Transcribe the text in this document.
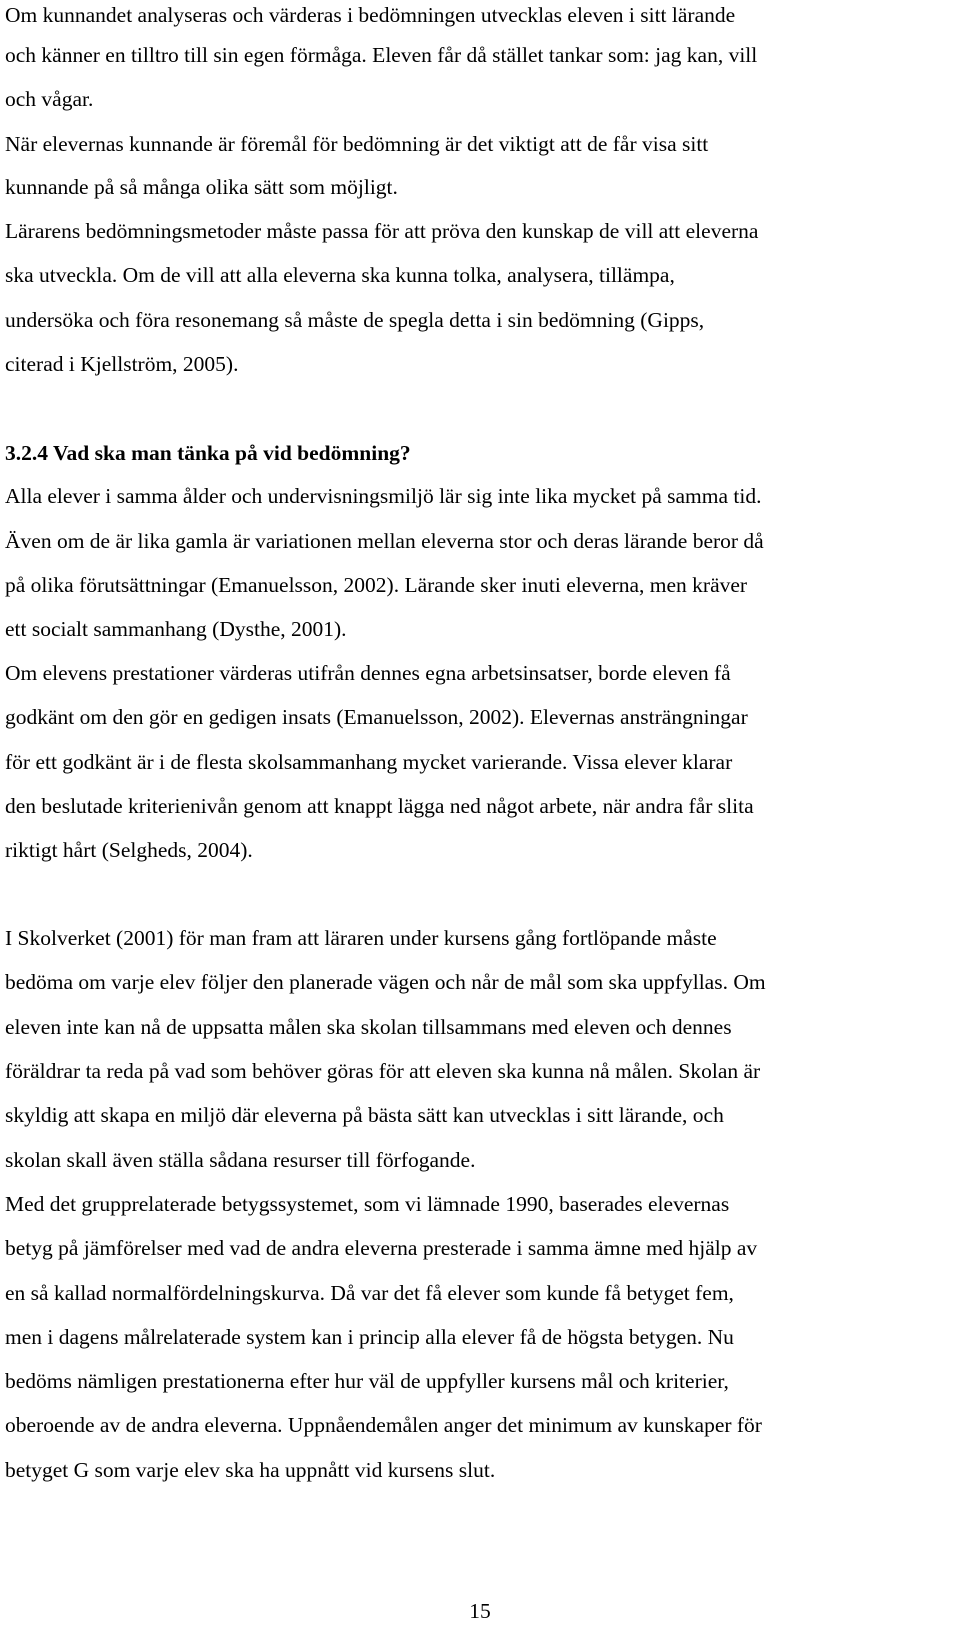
Om kunnandet analyseras och värderas i bedömningen utvecklas eleven i sitt lärande
och känner en tilltro till sin egen förmåga. Eleven får då stället tankar som: jag kan, vill
och vågar.
När elevernas kunnande är föremål för bedömning är det viktigt att de får visa sitt
kunnande på så många olika sätt som möjligt.
Lärarens bedömningsmetoder måste passa för att pröva den kunskap de vill att eleverna
ska utveckla. Om de vill att alla eleverna ska kunna tolka, analysera, tillämpa,
undersöka och föra resonemang så måste de spegla detta i sin bedömning (Gipps,
citerad i Kjellström, 2005).
3.2.4 Vad ska man tänka på vid bedömning?
Alla elever i samma ålder och undervisningsmiljö lär sig inte lika mycket på samma tid.
Även om de är lika gamla är variationen mellan eleverna stor och deras lärande beror då
på olika förutsättningar (Emanuelsson, 2002). Lärande sker inuti eleverna, men kräver
ett socialt sammanhang (Dysthe, 2001).
Om elevens prestationer värderas utifrån dennes egna arbetsinsatser, borde eleven få
godkänt om den gör en gedigen insats (Emanuelsson, 2002). Elevernas ansträngningar
för ett godkänt är i de flesta skolsammanhang mycket varierande. Vissa elever klarar
den beslutade kriterienivån genom att knappt lägga ned något arbete, när andra får slita
riktigt hårt (Selgheds, 2004).
I Skolverket (2001) för man fram att läraren under kursens gång fortlöpande måste
bedöma om varje elev följer den planerade vägen och når de mål som ska uppfyllas. Om
eleven inte kan nå de uppsatta målen ska skolan tillsammans med eleven och dennes
föräldrar ta reda på vad som behöver göras för att eleven ska kunna nå målen. Skolan är
skyldig att skapa en miljö där eleverna på bästa sätt kan utvecklas i sitt lärande, och
skolan skall även ställa sådana resurser till förfogande.
Med det grupprelaterade betygssystemet, som vi lämnade 1990, baserades elevernas
betyg på jämförelser med vad de andra eleverna presterade i samma ämne med hjälp av
en så kallad normalfördelningskurva. Då var det få elever som kunde få betyget fem,
men i dagens målrelaterade system kan i princip alla elever få de högsta betygen. Nu
bedöms nämligen prestationerna efter hur väl de uppfyller kursens mål och kriterier,
oberoende av de andra eleverna. Uppnåendemålen anger det minimum av kunskaper för
betyget G som varje elev ska ha uppnått vid kursens slut.
15
